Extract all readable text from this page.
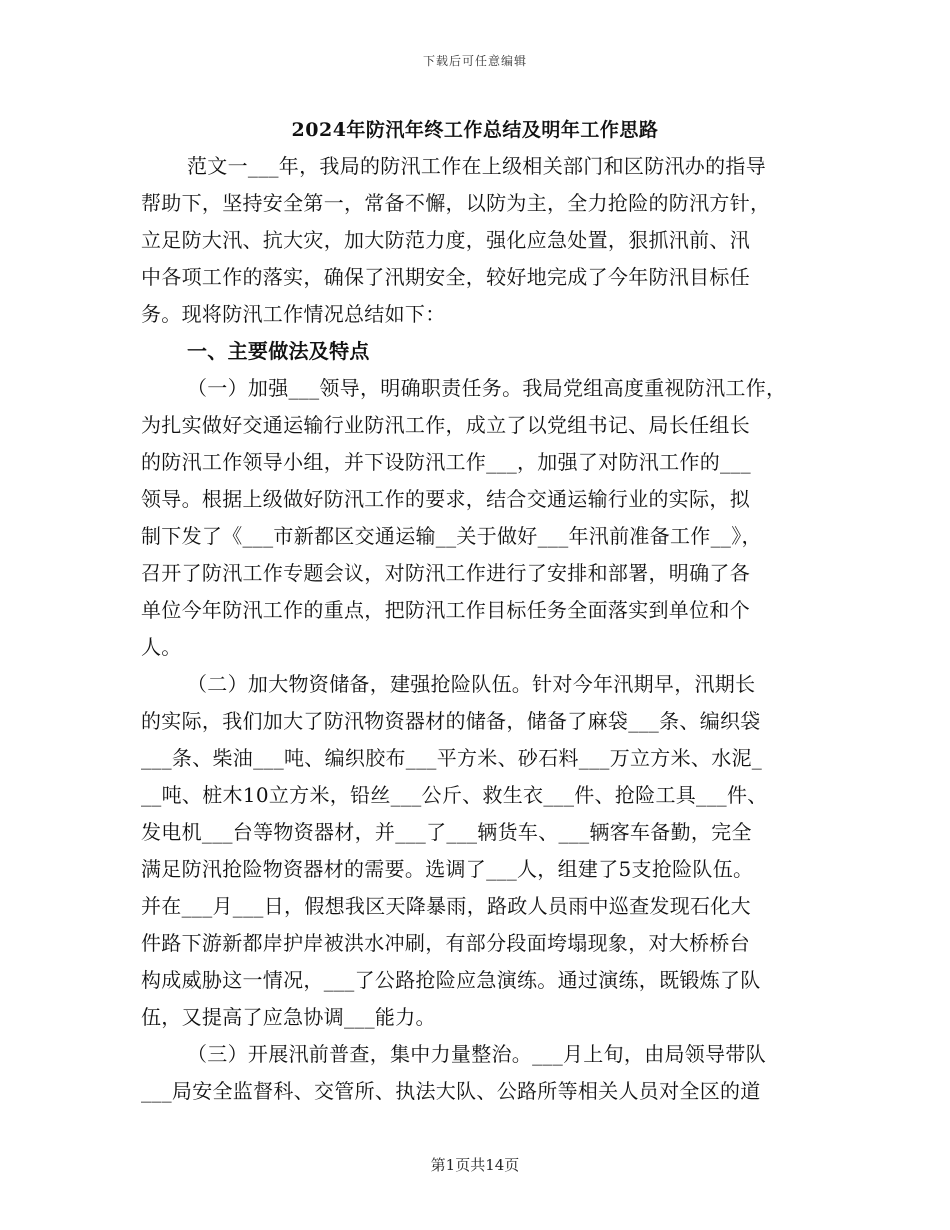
下载后可任意编辑
2024年防汛年终工作总结及明年工作思路
范文一___年，我局的防汛工作在上级相关部门和区防汛办的指导
帮助下，坚持安全第一，常备不懈，以防为主，全力抢险的防汛方针，
立足防大汛、抗大灾，加大防范力度，强化应急处置，狠抓汛前、汛
中各项工作的落实，确保了汛期安全，较好地完成了今年防汛目标任
务。现将防汛工作情况总结如下：
一、主要做法及特点
（一）加强___领导，明确职责任务。我局党组高度重视防汛工作，
为扎实做好交通运输行业防汛工作，成立了以党组书记、局长任组长
的防汛工作领导小组，并下设防汛工作___，加强了对防汛工作的___
领导。根据上级做好防汛工作的要求，结合交通运输行业的实际，拟
制下发了《___市新都区交通运输__关于做好___年汛前准备工作__》，
召开了防汛工作专题会议，对防汛工作进行了安排和部署，明确了各
单位今年防汛工作的重点，把防汛工作目标任务全面落实到单位和个
人。
（二）加大物资储备，建强抢险队伍。针对今年汛期早，汛期长
的实际，我们加大了防汛物资器材的储备，储备了麻袋___条、编织袋
___条、柴油___吨、编织胶布___平方米、砂石料___万立方米、水泥_
__吨、桩木10立方米，铅丝___公斤、救生衣___件、抢险工具___件、
发电机___台等物资器材，并___了___辆货车、___辆客车备勤，完全
满足防汛抢险物资器材的需要。选调了___人，组建了5支抢险队伍。
并在___月___日，假想我区天降暴雨，路政人员雨中巡查发现石化大
件路下游新都岸护岸被洪水冲刷，有部分段面垮塌现象，对大桥桥台
构成威胁这一情况，___了公路抢险应急演练。通过演练，既锻炼了队
伍，又提高了应急协调___能力。
（三）开展汛前普查，集中力量整治。___月上旬，由局领导带队
___局安全监督科、交管所、执法大队、公路所等相关人员对全区的道
第1页共14页
